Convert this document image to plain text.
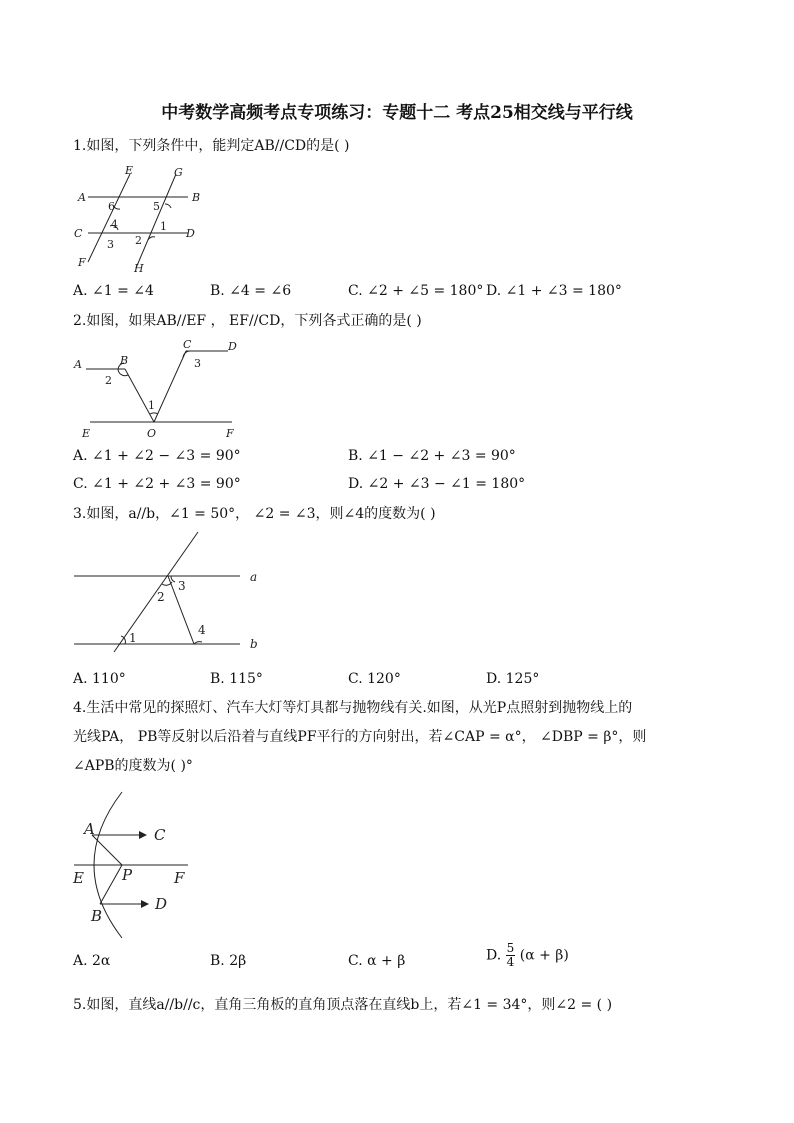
中考数学高频考点专项练习：专题十二 考点25相交线与平行线
1.如图，下列条件中，能判定AB//CD的是( )
A	B
C	D
E
F
G
H
6
4
3
5
1
2
A. ∠1 = ∠4	B. ∠4 = ∠6	C. ∠2 + ∠5 = 180° D. ∠1 + ∠3 = 180°
2.如图，如果AB//EF ， EF//CD，下列各式正确的是( )
A	B
C	D
E	O	F
1
2
3
A. ∠1 + ∠2 − ∠3 = 90°	B. ∠1 − ∠2 + ∠3 = 90°
C. ∠1 + ∠2 + ∠3 = 90°	D. ∠2 + ∠3 − ∠1 = 180°
3.如图，a//b，∠1 = 50°， ∠2 = ∠3，则∠4的度数为( )
a
b
1
2
3
4
A. 110°	B. 115°	C. 120°	D. 125°
4.生活中常见的探照灯、汽车大灯等灯具都与抛物线有关.如图，从光P点照射到抛物线上的
光线PA， PB等反射以后沿着与直线PF平行的方向射出，若∠CAP = α°， ∠DBP = β°，则
∠APB的度数为( )°
A	C
E	P	F
B
D
A. 2α	B. 2β	C. α + β	D. $\frac{5}{4} (\alpha + \beta)$
5.如图，直线a//b//c，直角三角板的直角顶点落在直线b上，若∠1 = 34°，则∠2 = ( )
